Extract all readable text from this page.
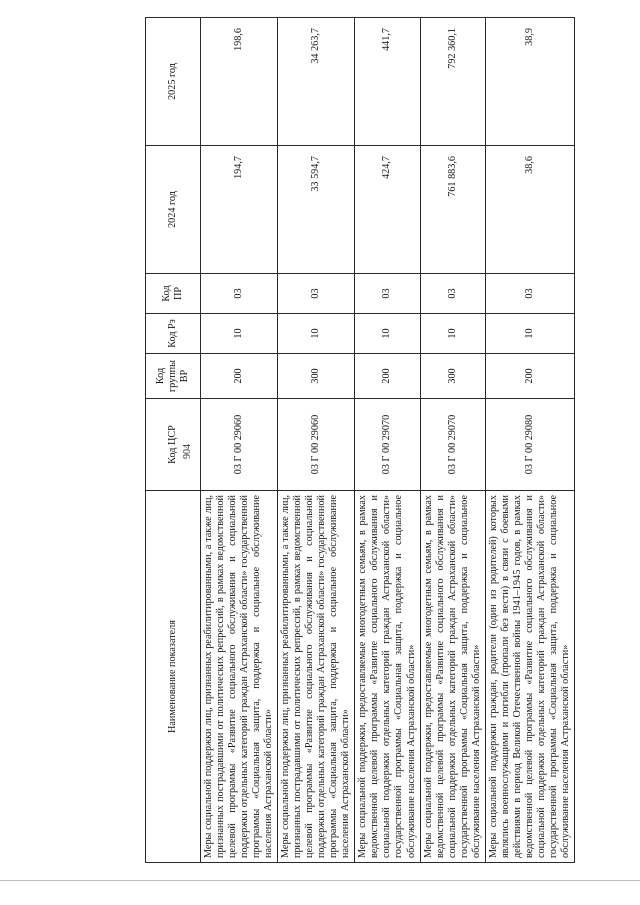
904
Наименование показателя	Код ЦСР	Код группы ВР	Код Рз	Код ПР	2024 год	2025 год
Меры социальной поддержки лиц, признанных реабилитированными, а также лиц, признанных пострадавшими от политических репрессий, в рамках ведомственной целевой программы «Развитие социального обслуживания и социальной поддержки отдельных категорий граждан Астраханской области» государственной программы «Социальная защита, поддержка и социальное обслуживание населения Астраханской области»	03 Г 00 29060	200	10	03	194,7	198,6
Меры социальной поддержки лиц, признанных реабилитированными, а также лиц, признанных пострадавшими от политических репрессий, в рамках ведомственной целевой программы «Развитие социального обслуживания и социальной поддержки отдельных категорий граждан Астраханской области» государственной программы «Социальная защита, поддержка и социальное обслуживание населения Астраханской области»	03 Г 00 29060	300	10	03	33 594,7	34 263,7
Меры социальной поддержки, предоставляемые многодетным семьям, в рамках ведомственной целевой программы «Развитие социального обслуживания и социальной поддержки отдельных категорий граждан Астраханской области» государственной программы «Социальная защита, поддержка и социальное обслуживание населения Астраханской области»	03 Г 00 29070	200	10	03	424,7	441,7
Меры социальной поддержки, предоставляемые многодетным семьям, в рамках ведомственной целевой программы «Развитие социального обслуживания и социальной поддержки отдельных категорий граждан Астраханской области» государственной программы «Социальная защита, поддержка и социальное обслуживание населения Астраханской области»	03 Г 00 29070	300	10	03	761 883,6	792 360,1
Меры социальной поддержки граждан, родители (один из родителей) которых являлись военнослужащими и погибли (пропали без вести) в связи с боевыми действиями в период Великой Отечественной войны 1941–1945 годов, в рамках ведомственной целевой программы «Развитие социального обслуживания и социальной поддержки отдельных категорий граждан Астраханской области» государственной программы «Социальная защита, поддержка и социальное обслуживание населения Астраханской области»	03 Г 00 29080	200	10	03	38,6	38,9
